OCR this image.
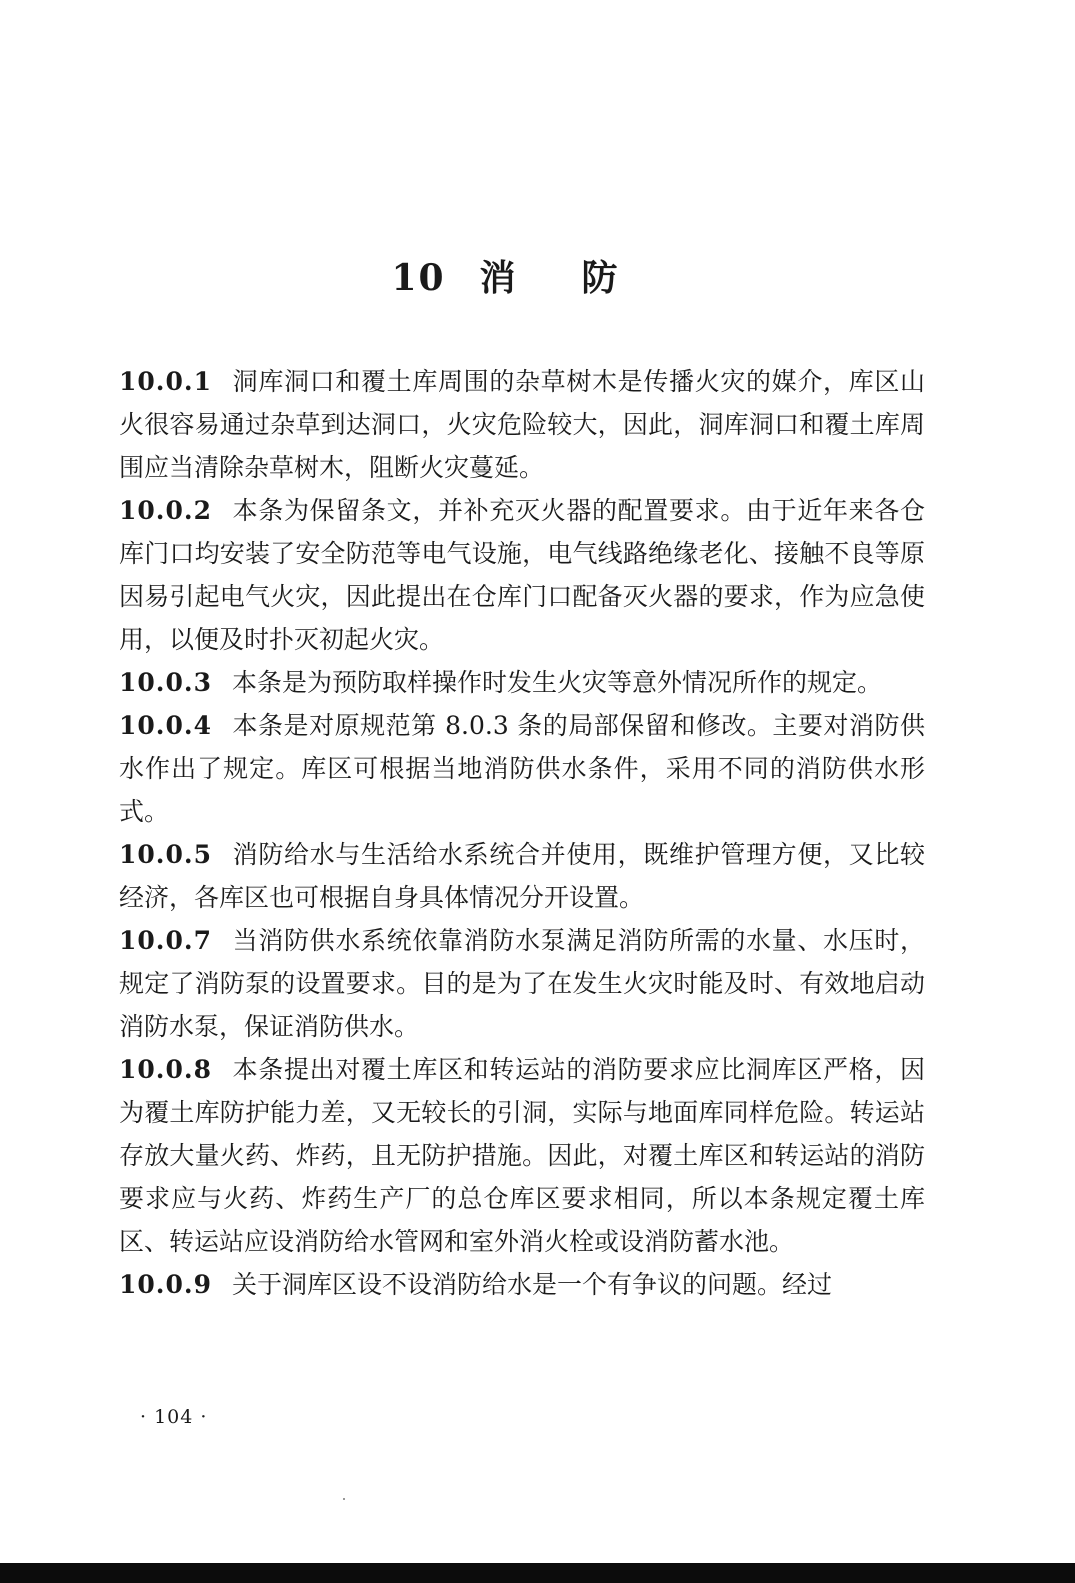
10 消防

10.0.1 洞库洞口和覆土库周围的杂草树木是传播火灾的媒介，库区山火很容易通过杂草到达洞口，火灾危险较大，因此，洞库洞口和覆土库周围应当清除杂草树木，阻断火灾蔓延。

10.0.2 本条为保留条文，并补充灭火器的配置要求。由于近年来各仓库门口均安装了安全防范等电气设施，电气线路绝缘老化、接触不良等原因易引起电气火灾，因此提出在仓库门口配备灭火器的要求，作为应急使用，以便及时扑灭初起火灾。

10.0.3 本条是为预防取样操作时发生火灾等意外情况所作的规定。

10.0.4 本条是对原规范第 8.0.3 条的局部保留和修改。主要对消防供水作出了规定。库区可根据当地消防供水条件，采用不同的消防供水形式。

10.0.5 消防给水与生活给水系统合并使用，既维护管理方便，又比较经济，各库区也可根据自身具体情况分开设置。

10.0.7 当消防供水系统依靠消防水泵满足消防所需的水量、水压时，规定了消防泵的设置要求。目的是为了在发生火灾时能及时、有效地启动消防水泵，保证消防供水。

10.0.8 本条提出对覆土库区和转运站的消防要求应比洞库区严格，因为覆土库防护能力差，又无较长的引洞，实际与地面库同样危险。转运站存放大量火药、炸药，且无防护措施。因此，对覆土库区和转运站的消防要求应与火药、炸药生产厂的总仓库区要求相同，所以本条规定覆土库区、转运站应设消防给水管网和室外消火栓或设消防蓄水池。

10.0.9 关于洞库区设不设消防给水是一个有争议的问题。经过

· 104 ·
